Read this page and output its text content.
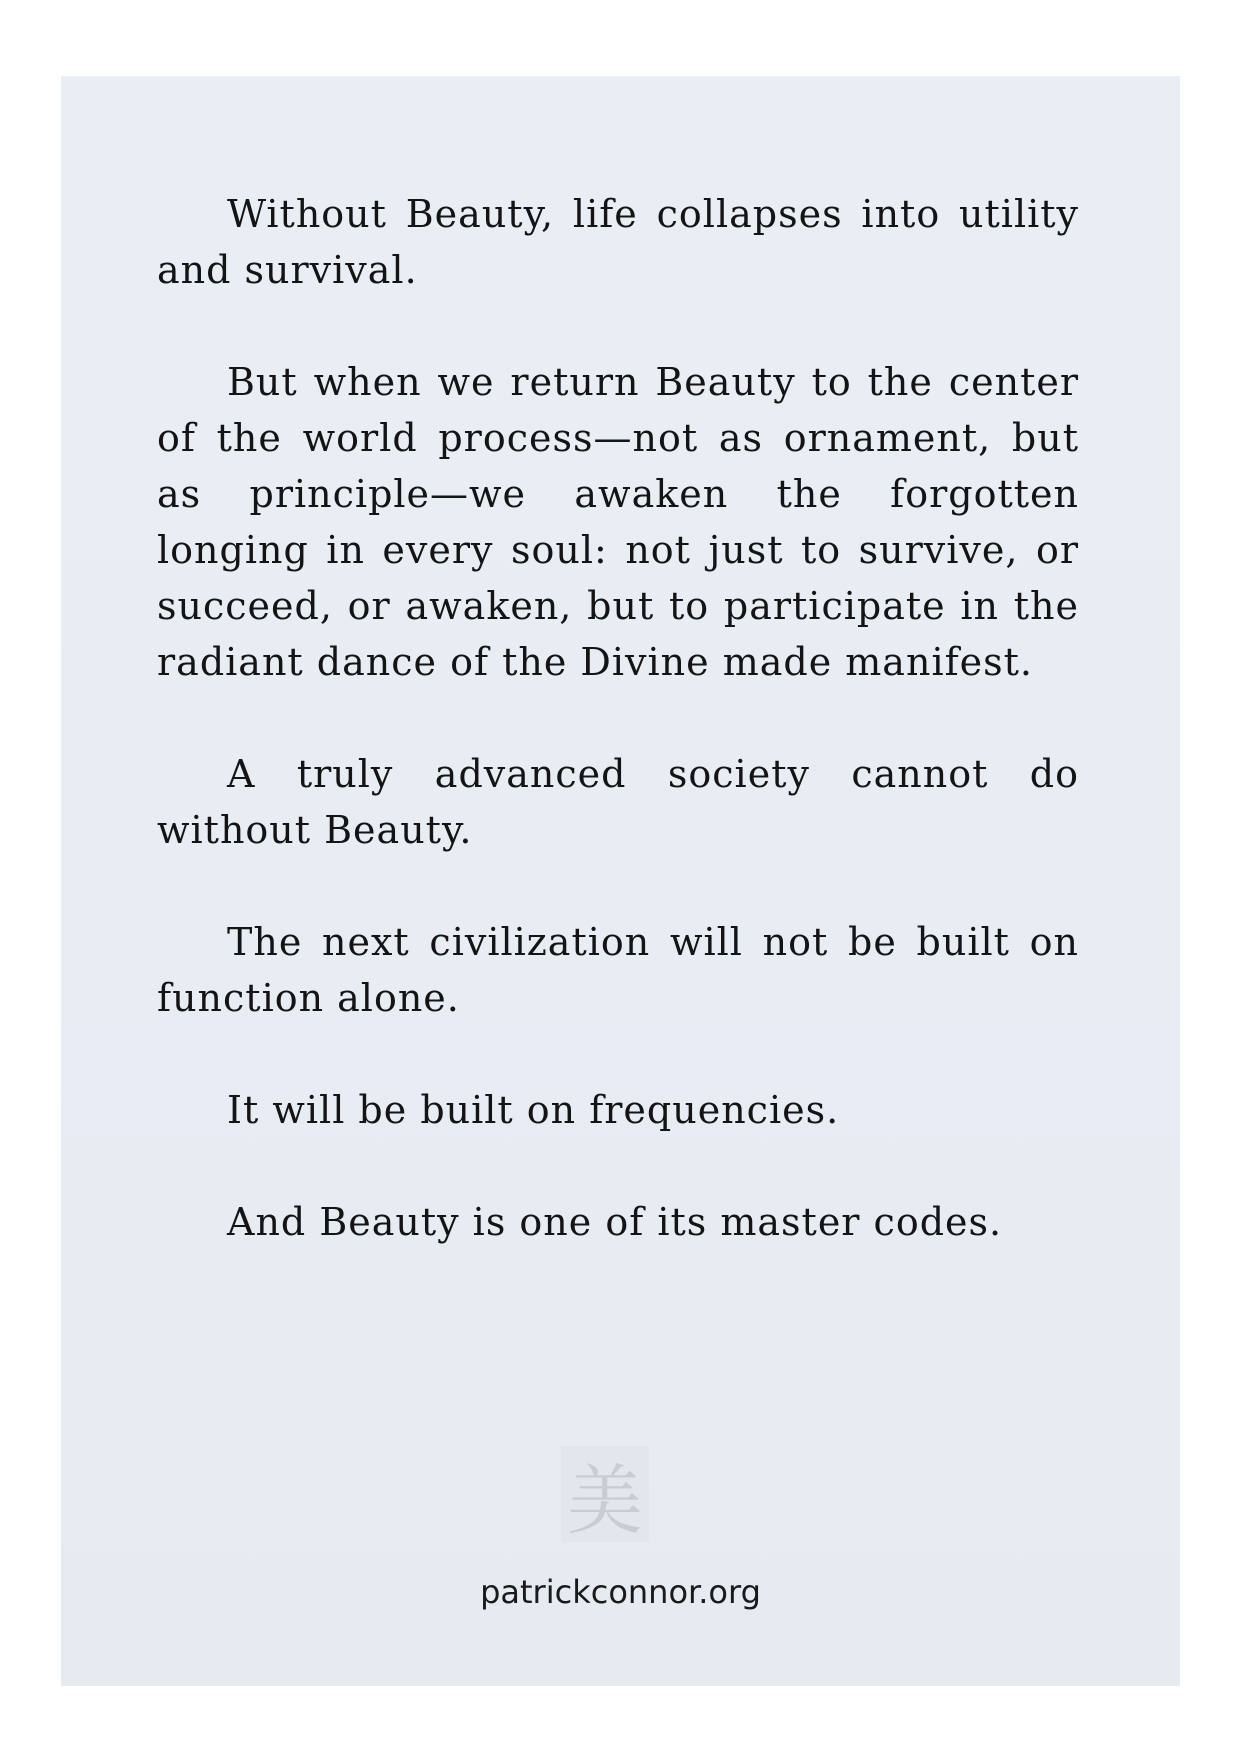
Without Beauty, life collapses into utility and survival.

But when we return Beauty to the center of the world process—not as ornament, but as principle—we awaken the forgotten longing in every soul: not just to survive, or succeed, or awaken, but to participate in the radiant dance of the Divine made manifest.

A truly advanced society cannot do without Beauty.

The next civilization will not be built on function alone.

It will be built on frequencies.

And Beauty is one of its master codes.

美
patrickconnor.org
